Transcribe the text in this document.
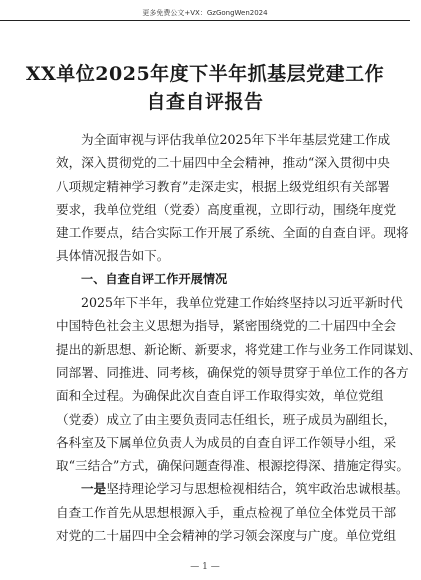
更多免费公文+VX：GzGongWen2024
XX单位2025年度下半年抓基层党建工作
自查自评报告
为全面审视与评估我单位2025年下半年基层党建工作成
效，深入贯彻党的二十届四中全会精神，推动“深入贯彻中央
八项规定精神学习教育”走深走实，根据上级党组织有关部署
要求，我单位党组（党委）高度重视，立即行动，围绕年度党
建工作要点，结合实际工作开展了系统、全面的自查自评。现将
具体情况报告如下。
一、自查自评工作开展情况
2025年下半年，我单位党建工作始终坚持以习近平新时代
中国特色社会主义思想为指导，紧密围绕党的二十届四中全会
提出的新思想、新论断、新要求，将党建工作与业务工作同谋划、
同部署、同推进、同考核，确保党的领导贯穿于单位工作的各方
面和全过程。为确保此次自查自评工作取得实效，单位党组
（党委）成立了由主要负责同志任组长，班子成员为副组长，
各科室及下属单位负责人为成员的自查自评工作领导小组，采
取“三结合”方式，确保问题查得准、根源挖得深、措施定得实。
一是坚持理论学习与思想检视相结合，筑牢政治忠诚根基。
自查工作首先从思想根源入手，重点检视了单位全体党员干部
对党的二十届四中全会精神的学习领会深度与广度。单位党组
— 1 —
